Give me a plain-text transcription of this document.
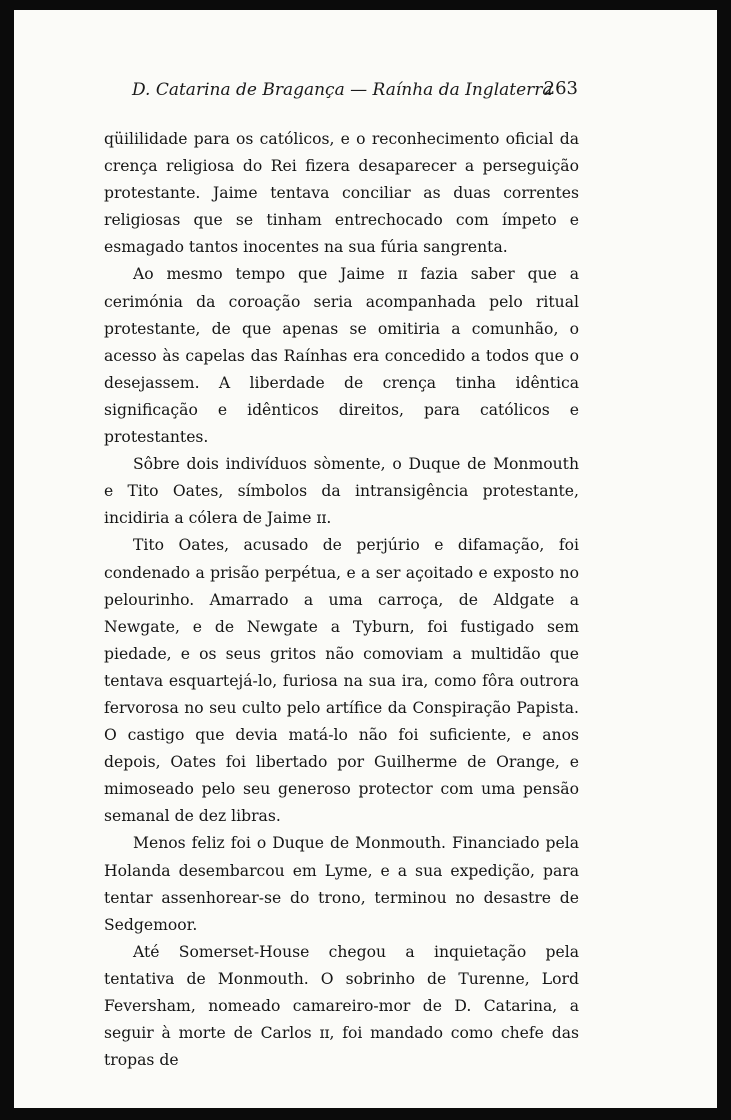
D. Catarina de Bragança — Raínha da Inglaterra
263

qüililidade para os católicos, e o reconhecimento oficial da crença religiosa do Rei fizera desaparecer a perseguição protestante. Jaime tentava conciliar as duas correntes religiosas que se tinham entrechocado com ímpeto e esmagado tantos inocentes na sua fúria sangrenta.

Ao mesmo tempo que Jaime ɪɪ fazia saber que a cerimónia da coroação seria acompanhada pelo ritual protestante, de que apenas se omitiria a comunhão, o acesso às capelas das Raínhas era concedido a todos que o desejassem. A liberdade de crença tinha idêntica significação e idênticos direitos, para católicos e protestantes.

Sôbre dois indivíduos sòmente, o Duque de Monmouth e Tito Oates, símbolos da intransigência protestante, incidiria a cólera de Jaime ɪɪ.

Tito Oates, acusado de perjúrio e difamação, foi condenado a prisão perpétua, e a ser açoitado e exposto no pelourinho. Amarrado a uma carroça, de Aldgate a Newgate, e de Newgate a Tyburn, foi fustigado sem piedade, e os seus gritos não comoviam a multidão que tentava esquartejá-lo, furiosa na sua ira, como fôra outrora fervorosa no seu culto pelo artífice da Conspiração Papista. O castigo que devia matá-lo não foi suficiente, e anos depois, Oates foi libertado por Guilherme de Orange, e mimoseado pelo seu generoso protector com uma pensão semanal de dez libras.

Menos feliz foi o Duque de Monmouth. Financiado pela Holanda desembarcou em Lyme, e a sua expedição, para tentar assenhorear-se do trono, terminou no desastre de Sedgemoor.

Até Somerset-House chegou a inquietação pela tentativa de Monmouth. O sobrinho de Turenne, Lord Feversham, nomeado camareiro-mor de D. Catarina, a seguir à morte de Carlos ɪɪ, foi mandado como chefe das tropas de
